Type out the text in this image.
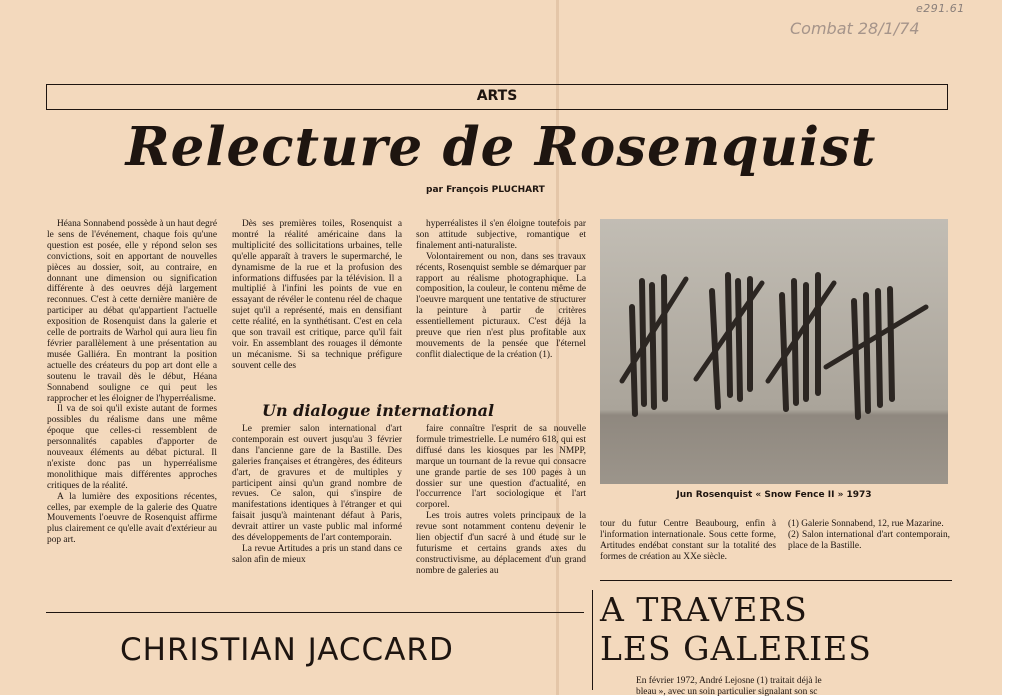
e291.61
Combat 28/1/74
ARTS
Relecture de Rosenquist
par François PLUCHART

Héana Sonnabend possède à un haut degré le sens de l'événement, chaque fois qu'une question est posée, elle y répond selon ses convictions, soit en apportant de nouvelles pièces au dossier, soit, au contraire, en donnant une dimension ou signification différente à des oeuvres déjà largement reconnues. C'est à cette dernière manière de participer au débat qu'appartient l'actuelle exposition de Rosenquist dans la galerie et celle de portraits de Warhol qui aura lieu fin février parallèlement à une présentation au musée Galliéra. En montrant la position actuelle des créateurs du pop art dont elle a soutenu le travail dès le début, Héana Sonnabend souligne ce qui peut les rapprocher et les éloigner de l'hyperréalisme.

Il va de soi qu'il existe autant de formes possibles du réalisme dans une même époque que celles-ci ressemblent de personnalités capables d'apporter de nouveaux éléments au débat pictural. Il n'existe donc pas un hyperréalisme monolithique mais différentes approches critiques de la réalité.

A la lumière des expositions récentes, celles, par exemple de la galerie des Quatre Mouvements l'oeuvre de Rosenquist affirme plus clairement ce qu'elle avait d'extérieur au pop art.

Dès ses premières toiles, Rosenquist a montré la réalité américaine dans la multiplicité des sollicitations urbaines, telle qu'elle apparaît à travers le supermarché, le dynamisme de la rue et la profusion des informations diffusées par la télévision. Il a multiplié à l'infini les points de vue en essayant de révéler le contenu réel de chaque sujet qu'il a représenté, mais en densifiant cette réalité, en la synthétisant. C'est en cela que son travail est critique, parce qu'il fait voir. En assemblant des rouages il démonte un mécanisme. Si sa technique préfigure souvent celle des

hyperréalistes il s'en éloigne toutefois par son attitude subjective, romantique et finalement anti-naturaliste.

Volontairement ou non, dans ses travaux récents, Rosenquist semble se démarquer par rapport au réalisme photographique. La composition, la couleur, le contenu même de l'oeuvre marquent une tentative de structurer la peinture à partir de critères essentiellement picturaux. C'est déjà la preuve que rien n'est plus profitable aux mouvements de la pensée que l'éternel conflit dialectique de la création (1).

Un dialogue international

Le premier salon international d'art contemporain est ouvert jusqu'au 3 février dans l'ancienne gare de la Bastille. Des galeries françaises et étrangères, des éditeurs d'art, de gravures et de multiples y participent ainsi qu'un grand nombre de revues. Ce salon, qui s'inspire de manifestations identiques à l'étranger et qui faisait jusqu'à maintenant défaut à Paris, devrait attirer un vaste public mal informé des développements de l'art contemporain.

La revue Artitudes a pris un stand dans ce salon afin de mieux

faire connaître l'esprit de sa nouvelle formule trimestrielle. Le numéro 618, qui est diffusé dans les kiosques par les NMPP, marque un tournant de la revue qui consacre une grande partie de ses 100 pages à un dossier sur une question d'actualité, en l'occurrence l'art sociologique et l'art corporel.

Les trois autres volets principaux de la revue sont notamment contenu devenir le lien objectif d'un sacré à und étude sur le futurisme et certains grands axes du constructivisme, au déplacement d'un grand nombre de galeries au

Jun Rosenquist « Snow Fence II » 1973
tour du futur Centre Beaubourg, enfin à l'information internationale. Sous cette forme, Artitudes endébat constant sur la totalité des formes de création au XXe siècle.
(1) Galerie Sonnabend, 12, rue Mazarine.
(2) Salon international d'art contemporain, place de la Bastille.
CHRISTIAN JACCARD
A TRAVERS
LES GALERIES
En février 1972, André Lejosne (1) traitait déjà le
bleau », avec un soin particulier signalant son sc
